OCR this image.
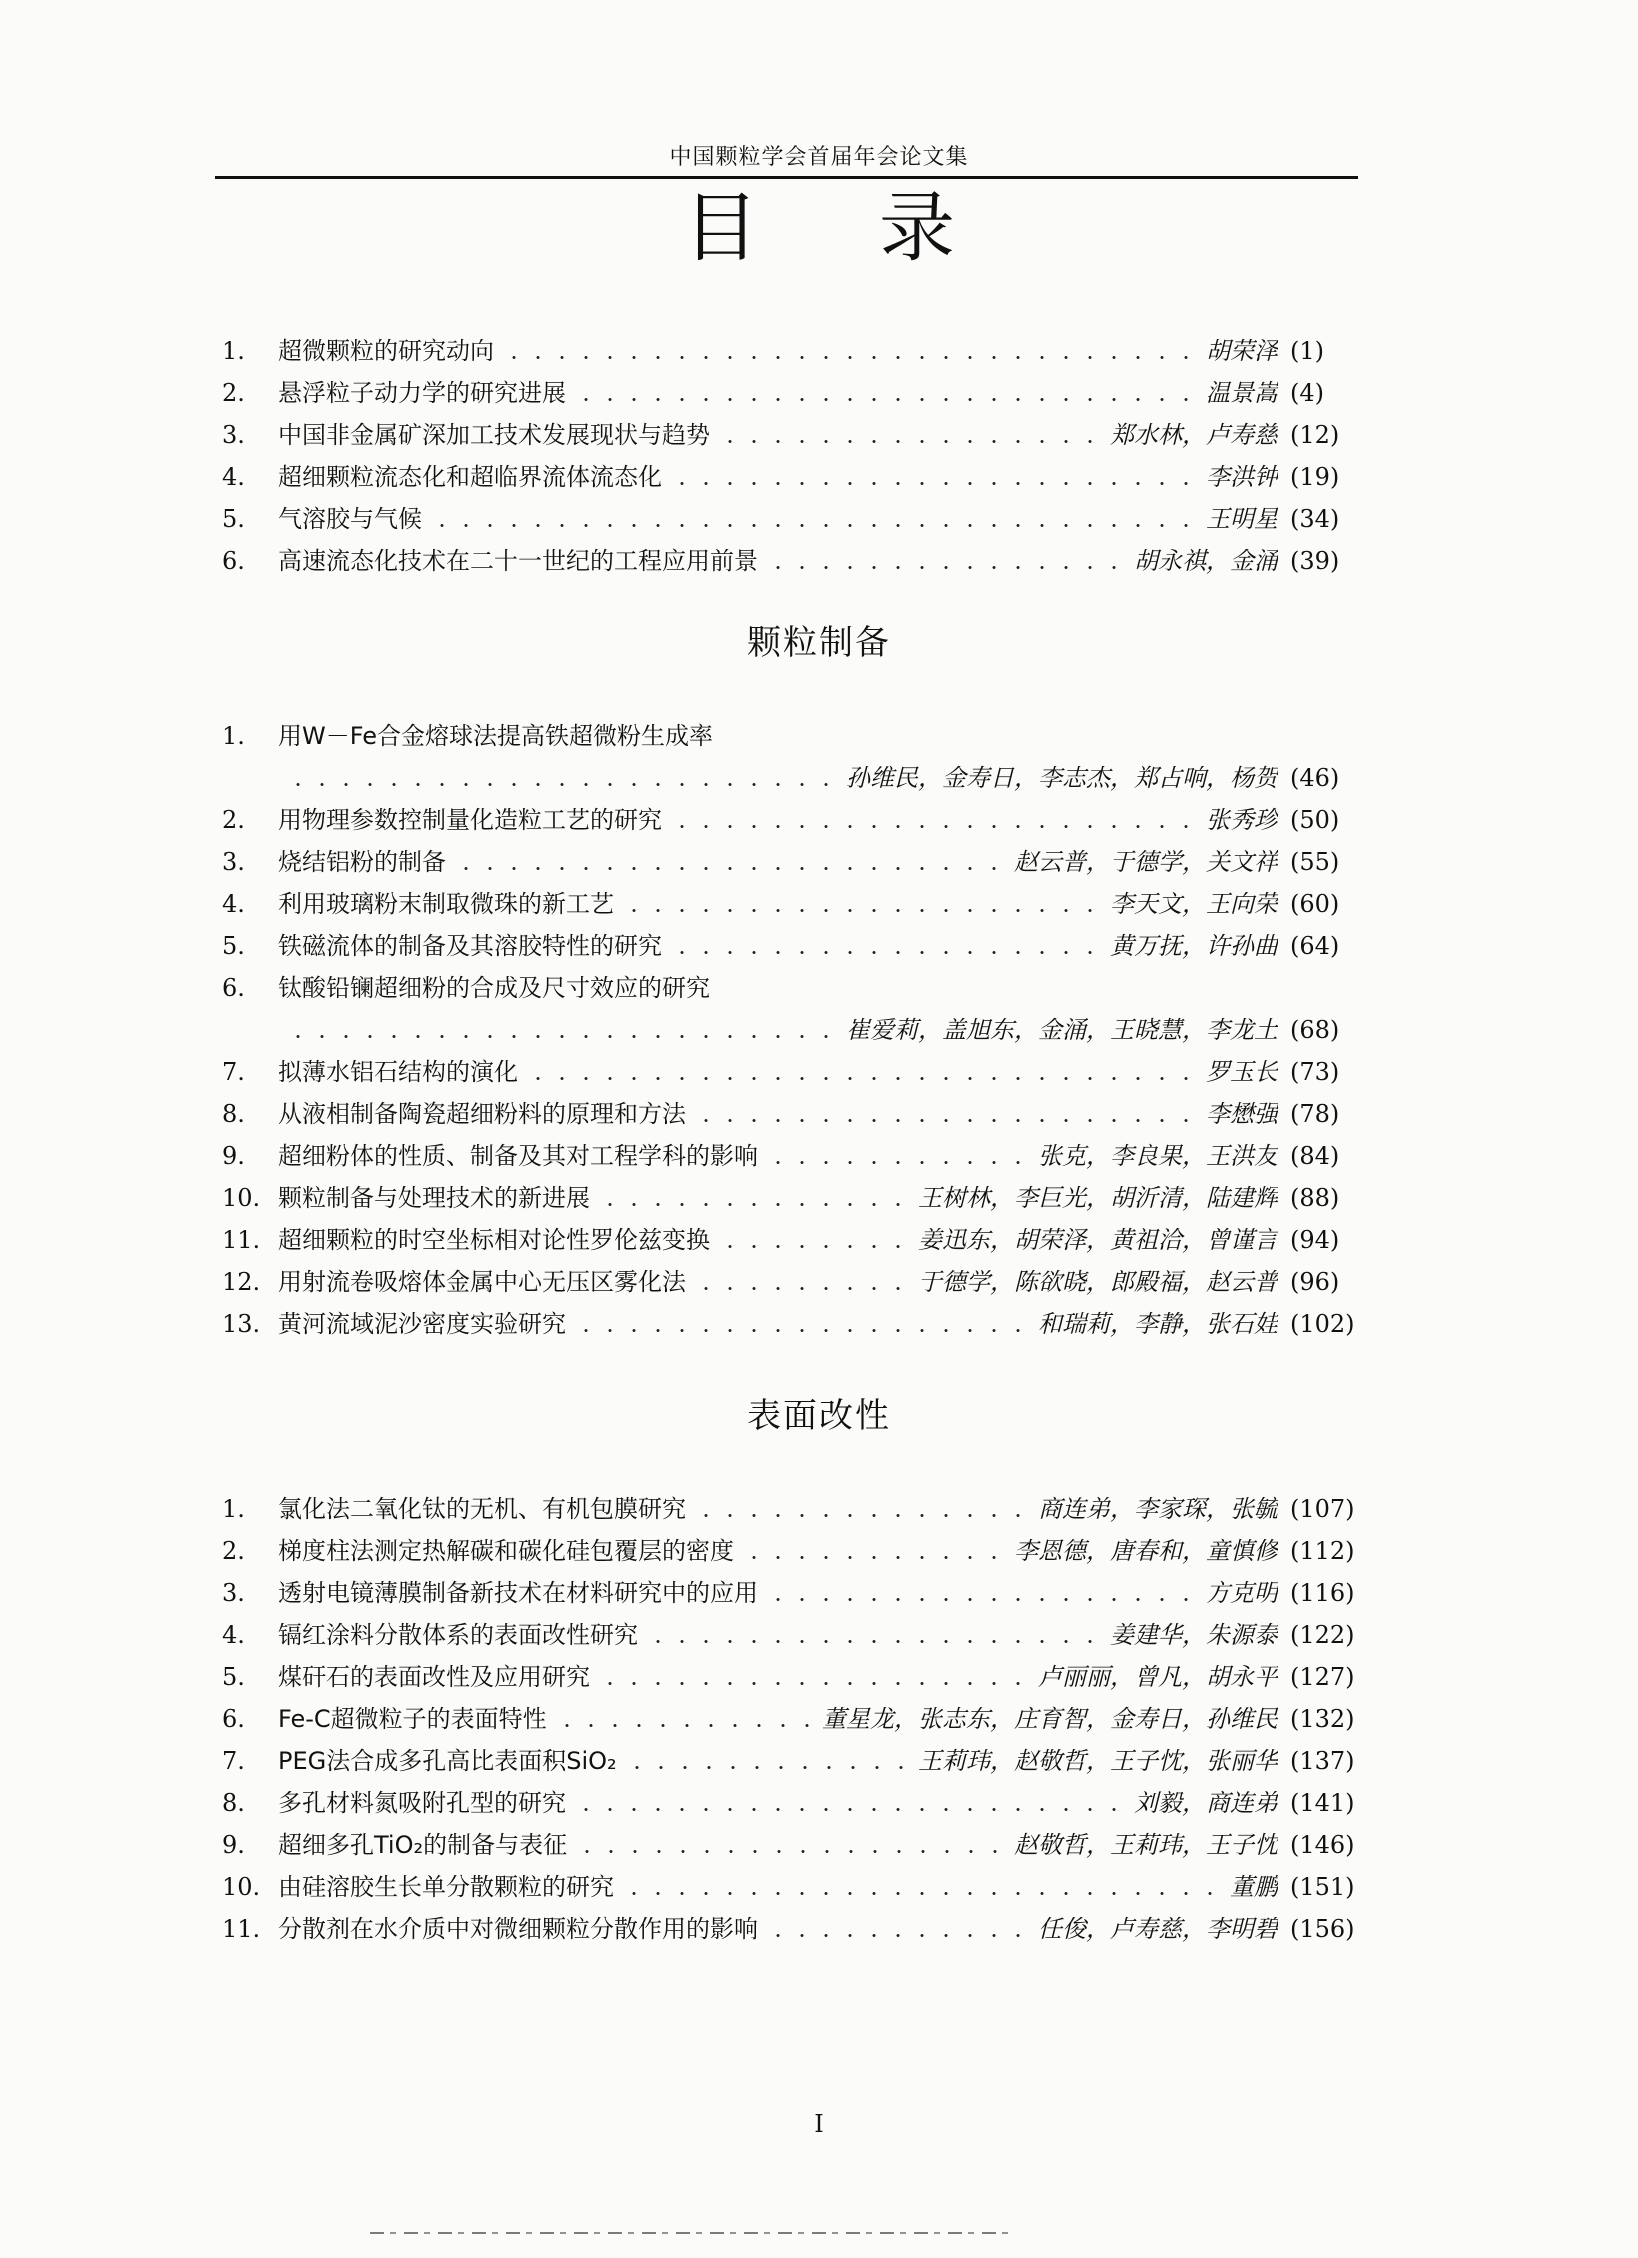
中国颗粒学会首届年会论文集
目 录
1.	超微颗粒的研究动向	胡荣泽 (1)
2.	悬浮粒子动力学的研究进展	温景嵩 (4)
3.	中国非金属矿深加工技术发展现状与趋势	郑水林，卢寿慈 (12)
4.	超细颗粒流态化和超临界流体流态化	李洪钟 (19)
5.	气溶胶与气候	王明星 (34)
6.	高速流态化技术在二十一世纪的工程应用前景	胡永祺，金涌 (39)
颗粒制备
1.	用W－Fe合金熔球法提高铁超微粉生成率
孙维民，金寿日，李志杰，郑占响，杨贺 (46)
2.	用物理参数控制量化造粒工艺的研究	张秀珍 (50)
3.	烧结铝粉的制备	赵云普，于德学，关文祥 (55)
4.	利用玻璃粉末制取微珠的新工艺	李天文，王向荣 (60)
5.	铁磁流体的制备及其溶胶特性的研究	黄万抚，许孙曲 (64)
6.	钛酸铅镧超细粉的合成及尺寸效应的研究
崔爱莉，盖旭东，金涌，王晓慧，李龙土 (68)
7.	拟薄水铝石结构的演化	罗玉长 (73)
8.	从液相制备陶瓷超细粉料的原理和方法	李懋强 (78)
9.	超细粉体的性质、制备及其对工程学科的影响	张克，李良果，王洪友 (84)
10. 颗粒制备与处理技术的新进展	王树林，李巨光，胡沂清，陆建辉 (88)
11. 超细颗粒的时空坐标相对论性罗伦兹变换	姜迅东，胡荣泽，黄祖洽，曾谨言 (94)
12. 用射流卷吸熔体金属中心无压区雾化法	于德学，陈欲晓，郎殿福，赵云普 (96)
13. 黄河流域泥沙密度实验研究	和瑞莉，李静，张石娃 (102)
表面改性
1.	氯化法二氧化钛的无机、有机包膜研究	商连弟，李家琛，张毓 (107)
2.	梯度柱法测定热解碳和碳化硅包覆层的密度	李恩德，唐春和，童慎修 (112)
3.	透射电镜薄膜制备新技术在材料研究中的应用	方克明 (116)
4.	镉红涂料分散体系的表面改性研究	姜建华，朱源泰 (122)
5.	煤矸石的表面改性及应用研究	卢丽丽，曾凡，胡永平 (127)
6.	Fe-C超微粒子的表面特性	董星龙，张志东，庄育智，金寿日，孙维民 (132)
7.	PEG法合成多孔高比表面积SiO₂	王莉玮，赵敬哲，王子忱，张丽华 (137)
8.	多孔材料氮吸附孔型的研究	刘毅，商连弟 (141)
9.	超细多孔TiO₂的制备与表征	赵敬哲，王莉玮，王子忱 (146)
10. 由硅溶胶生长单分散颗粒的研究	董鹏 (151)
11. 分散剂在水介质中对微细颗粒分散作用的影响	任俊，卢寿慈，李明碧 (156)
I
